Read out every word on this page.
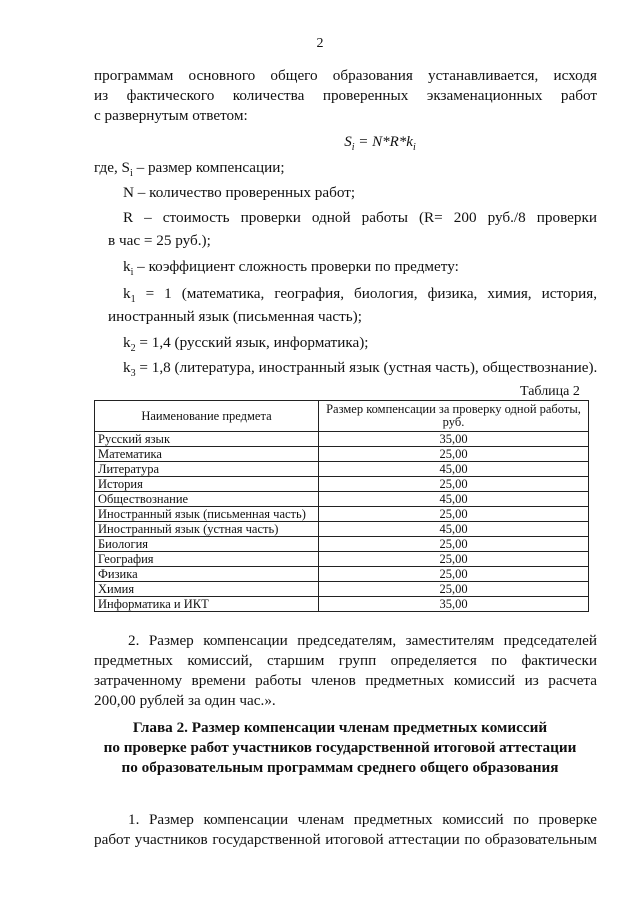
2

программам основного общего образования устанавливается, исходя

из фактического количества проверенных экзаменационных работ

с развернутым ответом:

$S_i = N*R*k_i$

где, $S_i$ – размер компенсации;

N – количество проверенных работ;

R – стоимость проверки одной работы (R= 200 руб./8 проверки

в час = 25 руб.);

$k_i$ – коэффициент сложность проверки по предмету:

$k_1 = 1$ (математика, география, биология, физика, химия, история,

иностранный язык (письменная часть);

$k_2 = 1,4$ (русский язык, информатика);

$k_3 = 1,8$ (литература, иностранный язык (устная часть), обществознание).

Таблица 2
Наименование предмета	Размер компенсации за проверку одной работы, руб.
Русский язык	35,00
Математика	25,00
Литература	45,00
История	25,00
Обществознание	45,00
Иностранный язык (письменная часть)	25,00
Иностранный язык (устная часть)	45,00
Биология	25,00
География	25,00
Физика	25,00
Химия	25,00
Информатика и ИКТ	35,00

2. Размер компенсации председателям, заместителям председателей

предметных комиссий, старшим групп определяется по фактически

затраченному времени работы членов предметных комиссий из расчета

200,00 рублей за один час.».

Глава 2. Размер компенсации членам предметных комиссий
по проверке работ участников государственной итоговой аттестации
по образовательным программам среднего общего образования

1. Размер компенсации членам предметных комиссий по проверке

работ участников государственной итоговой аттестации по образовательным
